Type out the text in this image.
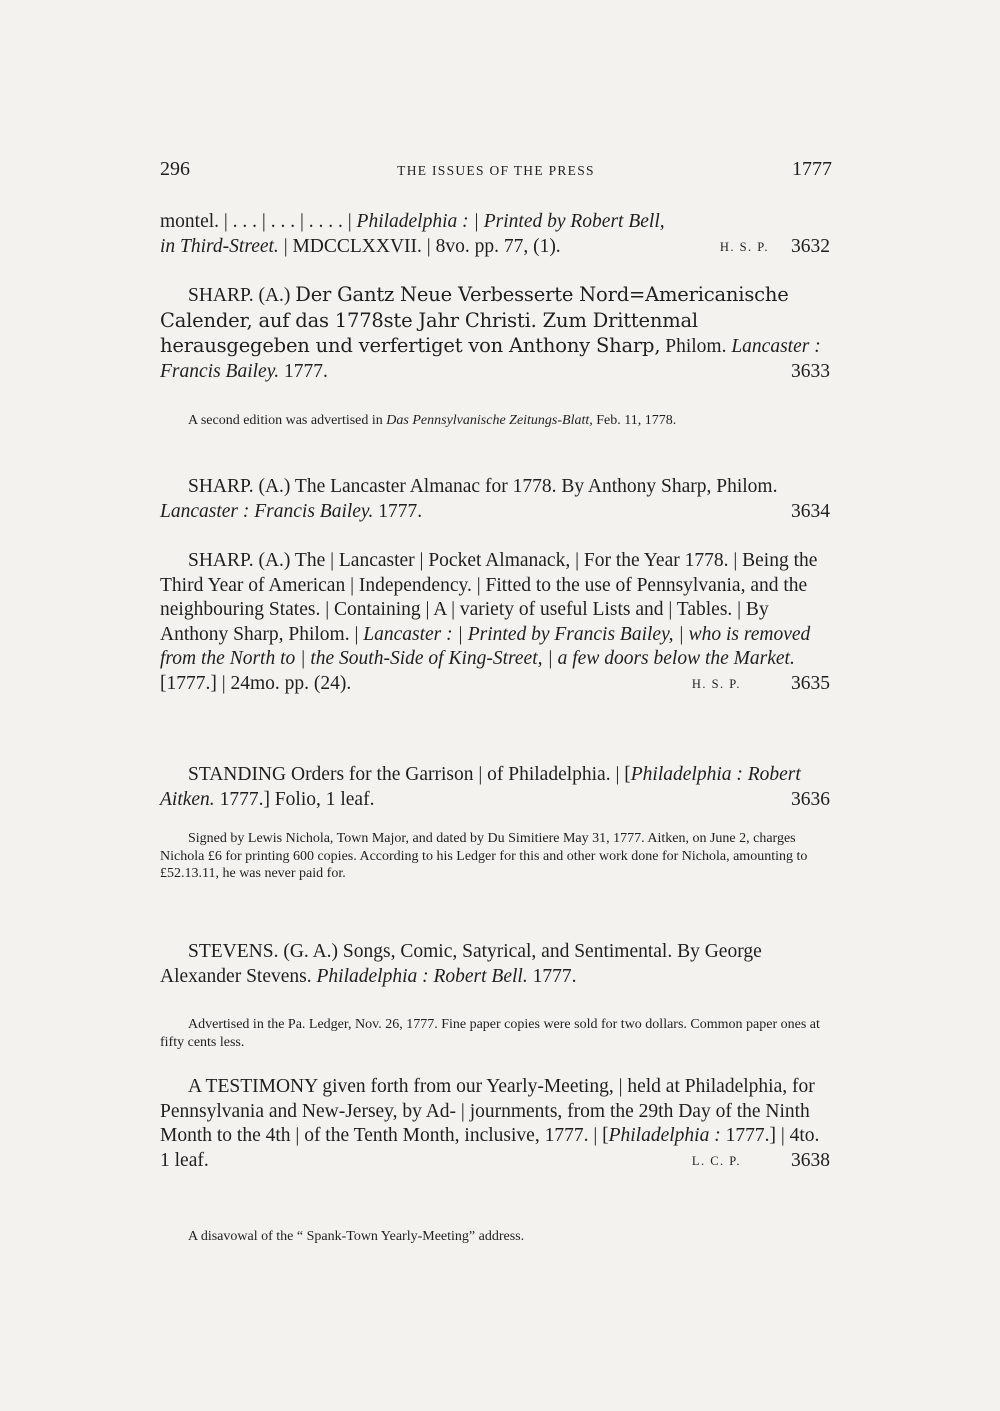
296	THE ISSUES OF THE PRESS	1777

montel. | . . . | . . . | . . . . | Philadelphia : | Printed by Robert Bell,

in Third-Street. | MDCCLXXVII. | 8vo. pp. 77, (1).	3632
H. S. P.

SHARP. (A.) Der Gantz Neue Verbesserte Nord=Americanische Calender, auf das 1778ste Jahr Christi. Zum Drittenmal herausgegeben und verfertiget von Anthony Sharp, Philom. Lancaster : Francis Bailey. 1777.	3633

A second edition was advertised in Das Pennsylvanische Zeitungs-Blatt, Feb. 11, 1778.

SHARP. (A.) The Lancaster Almanac for 1778. By Anthony Sharp, Philom. Lancaster : Francis Bailey. 1777.	3634

SHARP. (A.) The | Lancaster | Pocket Almanack, | For the Year 1778. | Being the Third Year of American | Independency. | Fitted to the use of Pennsylvania, and the neighbouring States. | Containing | A | variety of useful Lists and | Tables. | By Anthony Sharp, Philom. | Lancaster : | Printed by Francis Bailey, | who is removed from the North to | the South-Side of King-Street, | a few doors below the Market. [1777.] | 24mo. pp. (24).	3635
H. S. P.

STANDING Orders for the Garrison | of Philadelphia. | [Philadelphia : Robert Aitken. 1777.] Folio, 1 leaf.	3636

Signed by Lewis Nichola, Town Major, and dated by Du Simitiere May 31, 1777. Aitken, on June 2, charges Nichola £6 for printing 600 copies. According to his Ledger for this and other work done for Nichola, amounting to £52.13.11, he was never paid for.

STEVENS. (G. A.) Songs, Comic, Satyrical, and Sentimental. By George Alexander Stevens. Philadelphia : Robert Bell. 1777.

Advertised in the Pa. Ledger, Nov. 26, 1777. Fine paper copies were sold for two dollars. Common paper ones at fifty cents less.

A TESTIMONY given forth from our Yearly-Meeting, | held at Philadelphia, for Pennsylvania and New-Jersey, by Ad- | journments, from the 29th Day of the Ninth Month to the 4th | of the Tenth Month, inclusive, 1777. | [Philadelphia : 1777.] | 4to. 1 leaf.	3638
L. C. P.

A disavowal of the “ Spank-Town Yearly-Meeting” address.
